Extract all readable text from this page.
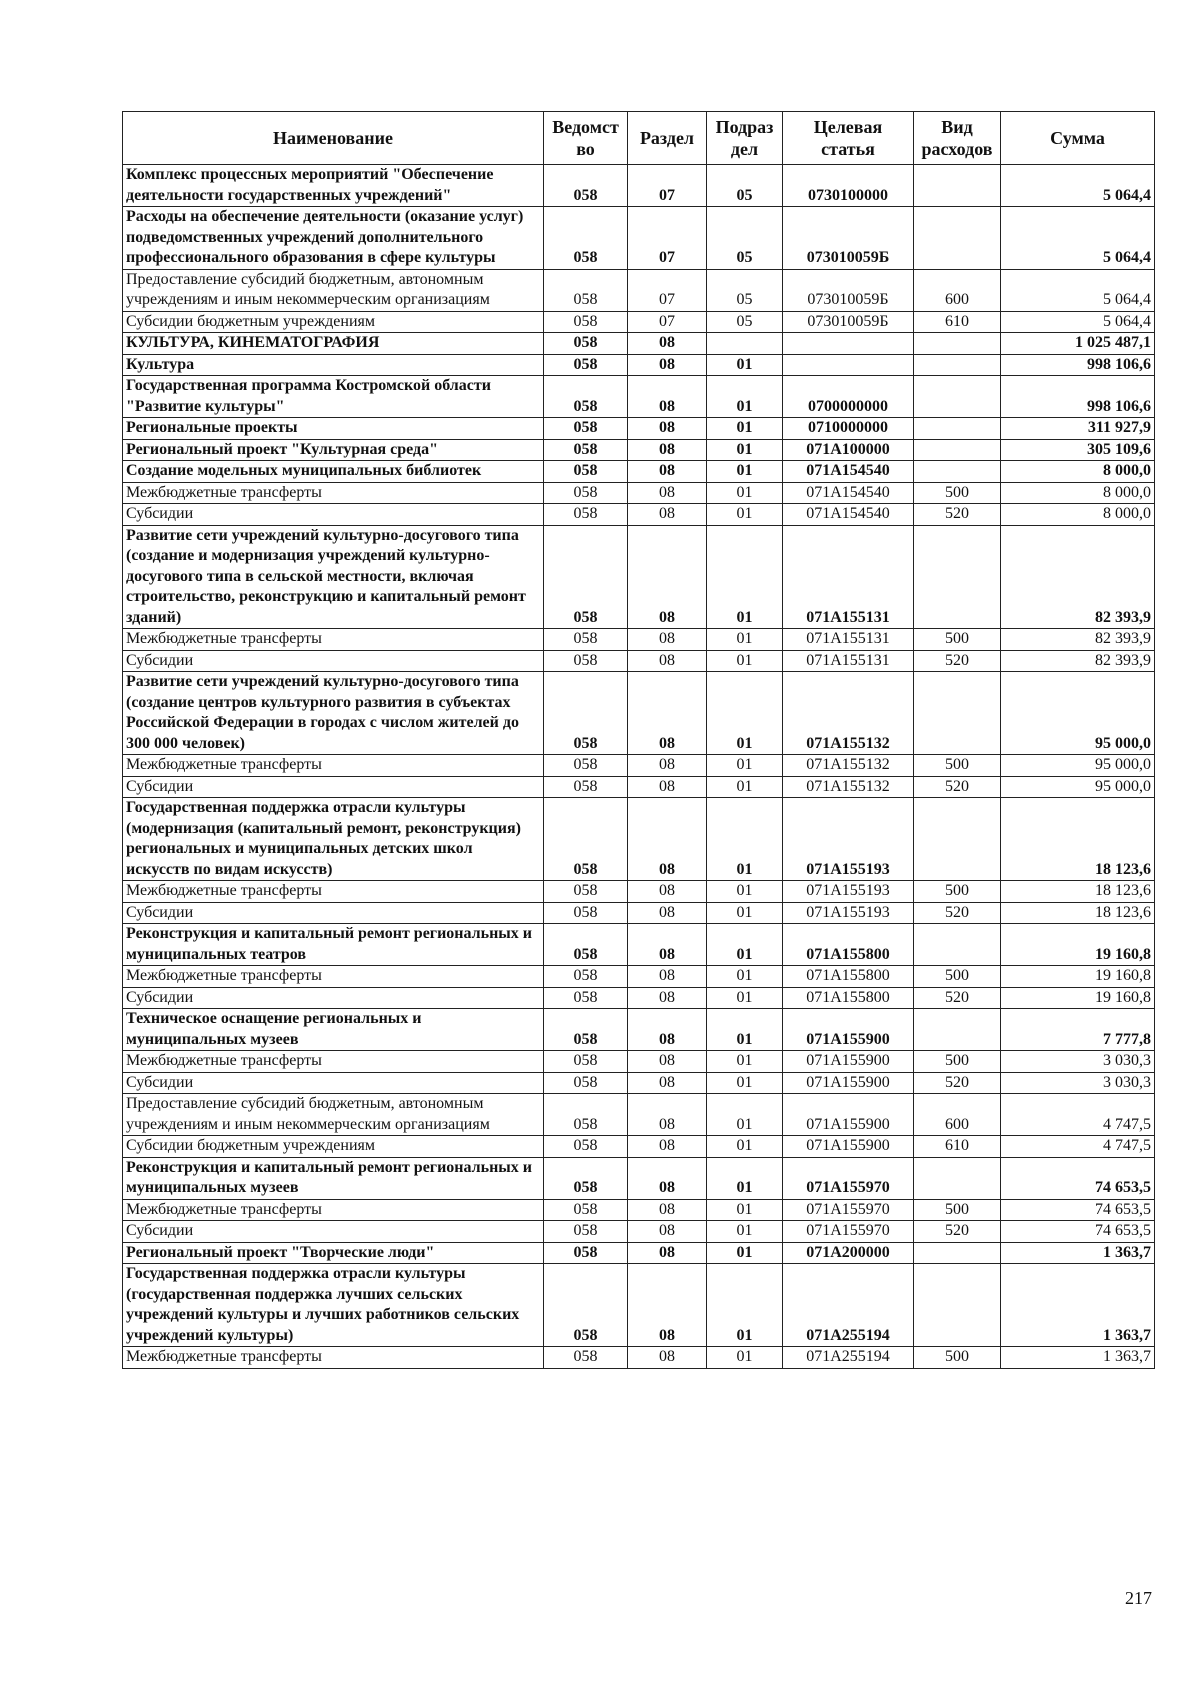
Наименование	Ведомст во	Раздел	Подраз дел	Целевая статья	Вид расходов	Сумма
Комплекс процессных мероприятий "Обеспечение деятельности государственных учреждений"	058	07	05	0730100000		5 064,4
Расходы на обеспечение деятельности (оказание услуг) подведомственных учреждений дополнительного профессионального образования в сфере культуры	058	07	05	073010059Б		5 064,4
Предоставление субсидий бюджетным, автономным учреждениям и иным некоммерческим организациям	058	07	05	073010059Б	600	5 064,4
Субсидии бюджетным учреждениям	058	07	05	073010059Б	610	5 064,4
КУЛЬТУРА, КИНЕМАТОГРАФИЯ	058	08				1 025 487,1
Культура	058	08	01			998 106,6
Государственная программа Костромской области "Развитие культуры"	058	08	01	0700000000		998 106,6
Региональные проекты	058	08	01	0710000000		311 927,9
Региональный проект "Культурная среда"	058	08	01	071А100000		305 109,6
Создание модельных муниципальных библиотек	058	08	01	071А154540		8 000,0
Межбюджетные трансферты	058	08	01	071А154540	500	8 000,0
Субсидии	058	08	01	071А154540	520	8 000,0
Развитие сети учреждений культурно-досугового типа (создание и модернизация учреждений культурно-досугового типа в сельской местности, включая строительство, реконструкцию и капитальный ремонт зданий)	058	08	01	071А155131		82 393,9
Межбюджетные трансферты	058	08	01	071А155131	500	82 393,9
Субсидии	058	08	01	071А155131	520	82 393,9
Развитие сети учреждений культурно-досугового типа (создание центров культурного развития в субъектах Российской Федерации в городах с числом жителей до 300 000 человек)	058	08	01	071А155132		95 000,0
Межбюджетные трансферты	058	08	01	071А155132	500	95 000,0
Субсидии	058	08	01	071А155132	520	95 000,0
Государственная поддержка отрасли культуры (модернизация (капитальный ремонт, реконструкция) региональных и муниципальных детских школ искусств по видам искусств)	058	08	01	071А155193		18 123,6
Межбюджетные трансферты	058	08	01	071А155193	500	18 123,6
Субсидии	058	08	01	071А155193	520	18 123,6
Реконструкция и капитальный ремонт региональных и муниципальных театров	058	08	01	071А155800		19 160,8
Межбюджетные трансферты	058	08	01	071А155800	500	19 160,8
Субсидии	058	08	01	071А155800	520	19 160,8
Техническое оснащение региональных и муниципальных музеев	058	08	01	071А155900		7 777,8
Межбюджетные трансферты	058	08	01	071А155900	500	3 030,3
Субсидии	058	08	01	071А155900	520	3 030,3
Предоставление субсидий бюджетным, автономным учреждениям и иным некоммерческим организациям	058	08	01	071А155900	600	4 747,5
Субсидии бюджетным учреждениям	058	08	01	071А155900	610	4 747,5
Реконструкция и капитальный ремонт региональных и муниципальных музеев	058	08	01	071А155970		74 653,5
Межбюджетные трансферты	058	08	01	071А155970	500	74 653,5
Субсидии	058	08	01	071А155970	520	74 653,5
Региональный проект "Творческие люди"	058	08	01	071А200000		1 363,7
Государственная поддержка отрасли культуры (государственная поддержка лучших сельских учреждений культуры и лучших работников сельских учреждений культуры)	058	08	01	071А255194		1 363,7
Межбюджетные трансферты	058	08	01	071А255194	500	1 363,7
217
